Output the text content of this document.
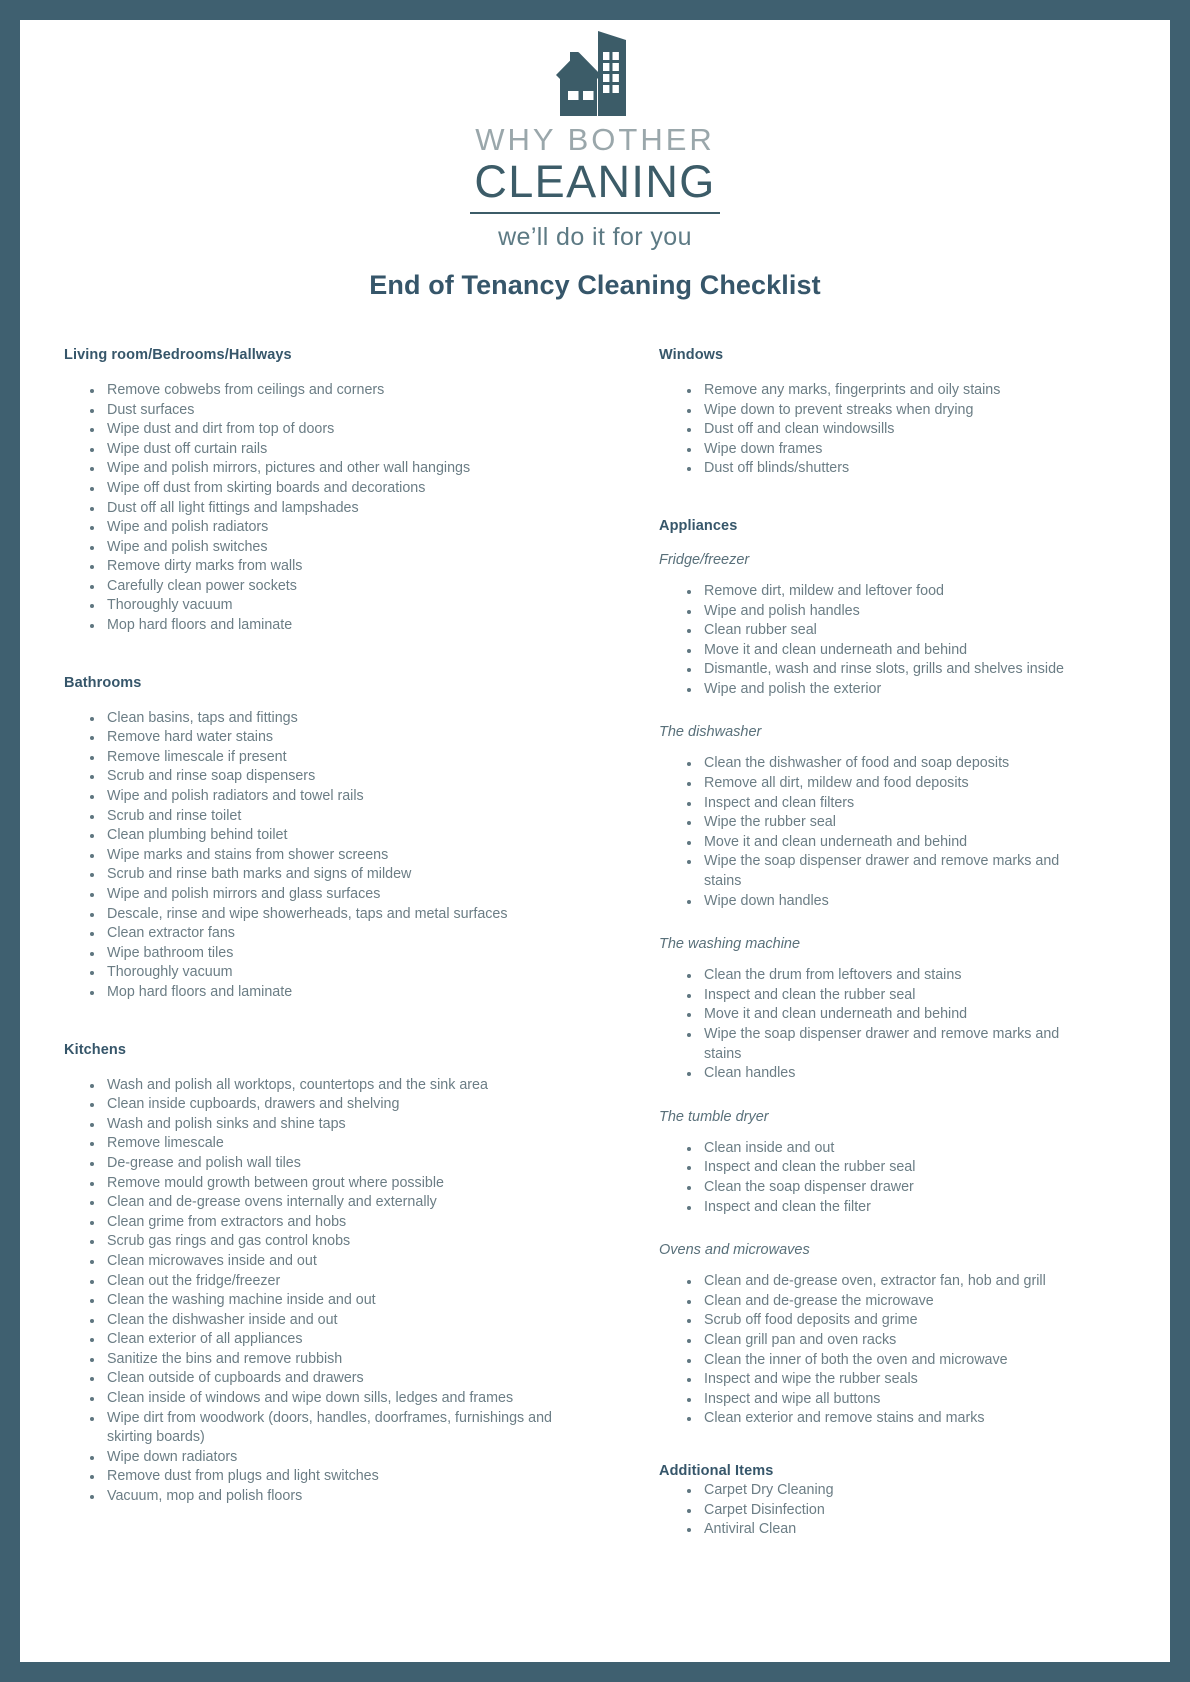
WHY BOTHER
CLEANING
we’ll do it for you
End of Tenancy Cleaning Checklist
Living room/Bedrooms/Hallways
Remove cobwebs from ceilings and corners
Dust surfaces
Wipe dust and dirt from top of doors
Wipe dust off curtain rails
Wipe and polish mirrors, pictures and other wall hangings
Wipe off dust from skirting boards and decorations
Dust off all light fittings and lampshades
Wipe and polish radiators
Wipe and polish switches
Remove dirty marks from walls
Carefully clean power sockets
Thoroughly vacuum
Mop hard floors and laminate
Bathrooms
Clean basins, taps and fittings
Remove hard water stains
Remove limescale if present
Scrub and rinse soap dispensers
Wipe and polish radiators and towel rails
Scrub and rinse toilet
Clean plumbing behind toilet
Wipe marks and stains from shower screens
Scrub and rinse bath marks and signs of mildew
Wipe and polish mirrors and glass surfaces
Descale, rinse and wipe showerheads, taps and metal surfaces
Clean extractor fans
Wipe bathroom tiles
Thoroughly vacuum
Mop hard floors and laminate
Kitchens
Wash and polish all worktops, countertops and the sink area
Clean inside cupboards, drawers and shelving
Wash and polish sinks and shine taps
Remove limescale
De-grease and polish wall tiles
Remove mould growth between grout where possible
Clean and de-grease ovens internally and externally
Clean grime from extractors and hobs
Scrub gas rings and gas control knobs
Clean microwaves inside and out
Clean out the fridge/freezer
Clean the washing machine inside and out
Clean the dishwasher inside and out
Clean exterior of all appliances
Sanitize the bins and remove rubbish
Clean outside of cupboards and drawers
Clean inside of windows and wipe down sills, ledges and frames
Wipe dirt from woodwork (doors, handles, doorframes, furnishings and skirting boards)
Wipe down radiators
Remove dust from plugs and light switches
Vacuum, mop and polish floors
Windows
Remove any marks, fingerprints and oily stains
Wipe down to prevent streaks when drying
Dust off and clean windowsills
Wipe down frames
Dust off blinds/shutters
Appliances
Fridge/freezer
Remove dirt, mildew and leftover food
Wipe and polish handles
Clean rubber seal
Move it and clean underneath and behind
Dismantle, wash and rinse slots, grills and shelves inside
Wipe and polish the exterior
The dishwasher
Clean the dishwasher of food and soap deposits
Remove all dirt, mildew and food deposits
Inspect and clean filters
Wipe the rubber seal
Move it and clean underneath and behind
Wipe the soap dispenser drawer and remove marks and stains
Wipe down handles
The washing machine
Clean the drum from leftovers and stains
Inspect and clean the rubber seal
Move it and clean underneath and behind
Wipe the soap dispenser drawer and remove marks and stains
Clean handles
The tumble dryer
Clean inside and out
Inspect and clean the rubber seal
Clean the soap dispenser drawer
Inspect and clean the filter
Ovens and microwaves
Clean and de-grease oven, extractor fan, hob and grill
Clean and de-grease the microwave
Scrub off food deposits and grime
Clean grill pan and oven racks
Clean the inner of both the oven and microwave
Inspect and wipe the rubber seals
Inspect and wipe all buttons
Clean exterior and remove stains and marks
Additional Items
Carpet Dry Cleaning
Carpet Disinfection
Antiviral Clean
